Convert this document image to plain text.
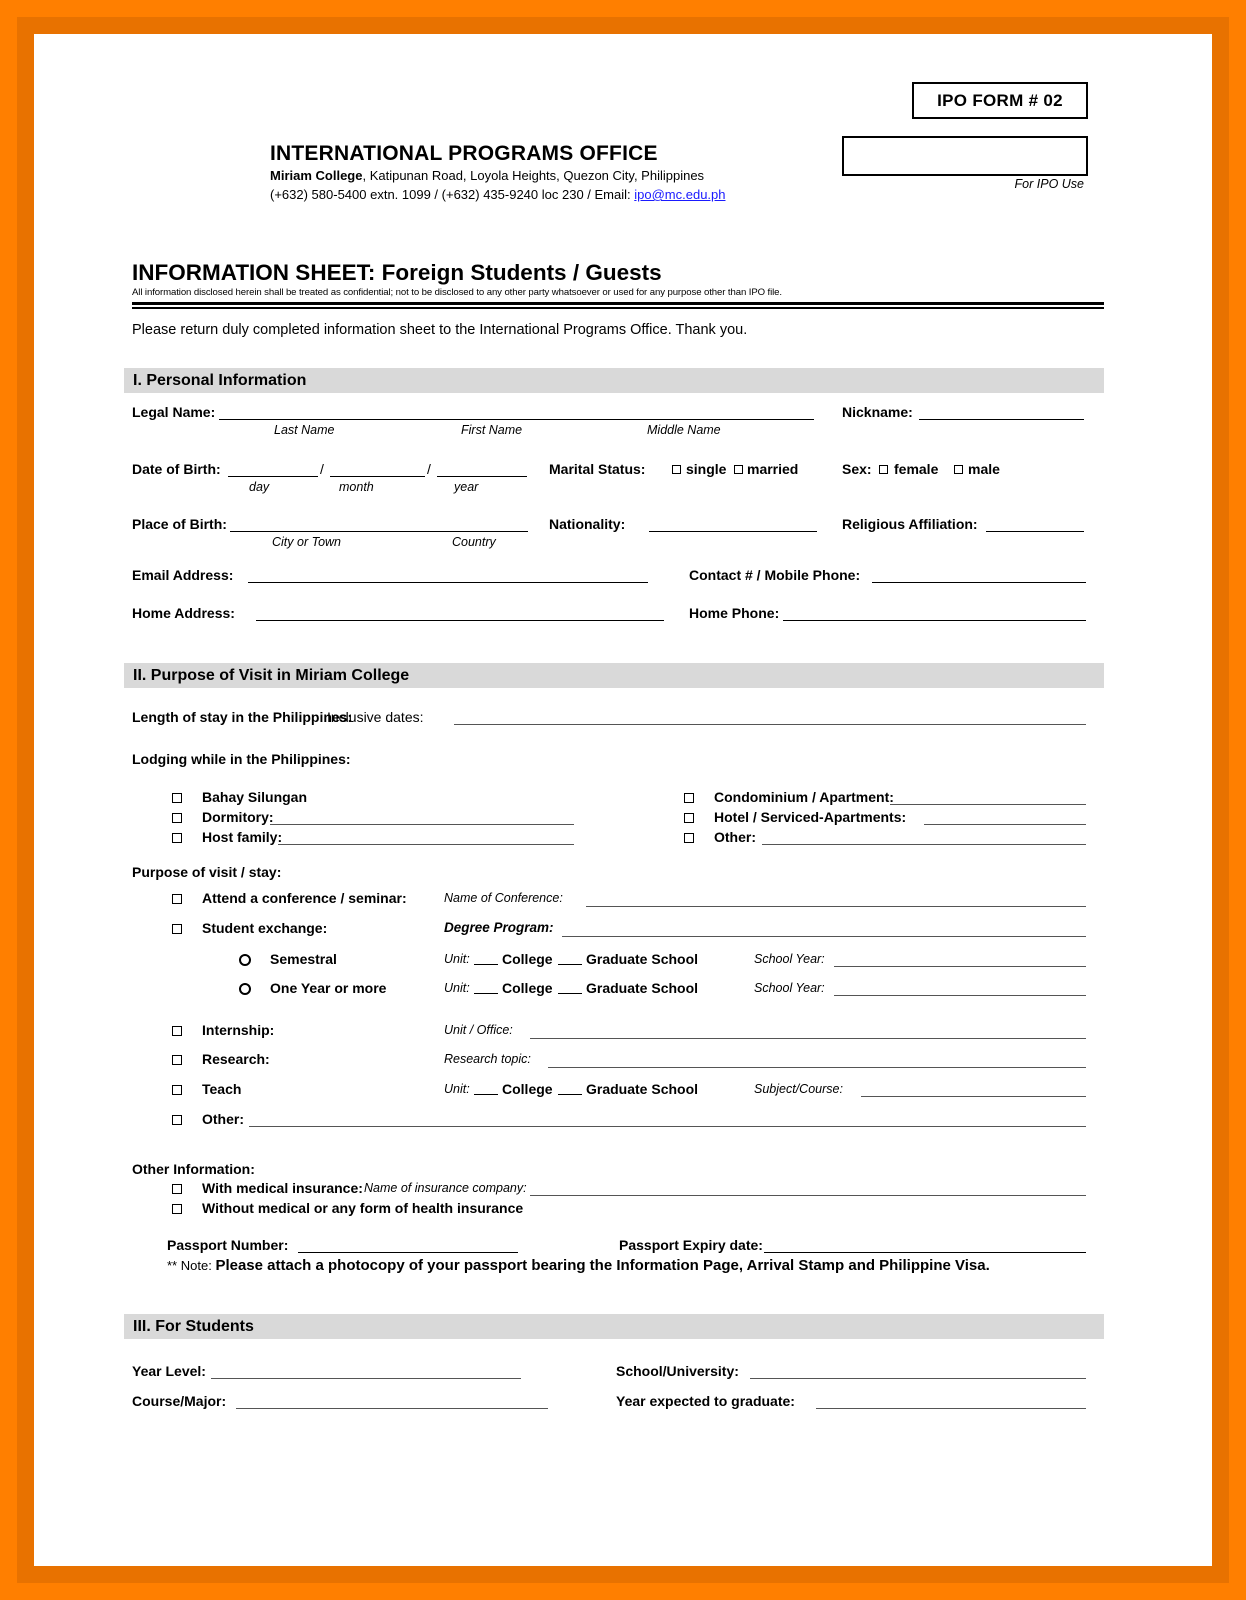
IPO FORM # 02
For IPO Use
INTERNATIONAL PROGRAMS OFFICE
Miriam College, Katipunan Road, Loyola Heights, Quezon City, Philippines
(+632) 580-5400 extn. 1099 / (+632) 435-9240 loc 230 / Email: ipo@mc.edu.ph
INFORMATION SHEET: Foreign Students / Guests
All information disclosed herein shall be treated as confidential; not to be disclosed to any other party whatsoever or used for any purpose other than IPO file.
Please return duly completed information sheet to the International Programs Office. Thank you.
I. Personal Information
Legal Name:
Last Name	First Name	Middle Name
Nickname:
Date of Birth:	/	/
day	month	year
Marital Status:	single married	Sex: female male
Place of Birth:
City or Town	Country
Nationality:	Religious Affiliation:
Email Address:	Contact # / Mobile Phone:
Home Address:	Home Phone:
II. Purpose of Visit in Miriam College
Length of stay in the Philippines:
Inclusive dates:
Lodging while in the Philippines:
Bahay Silungan
Dormitory:
Host family:
Condominium / Apartment:
Hotel / Serviced-Apartments:
Other:
Purpose of visit / stay:
Attend a conference / seminar:	Name of Conference:
Student exchange:	Degree Program:
Semestral	Unit: College Graduate School	School Year:
One Year or more	Unit: College Graduate School	School Year:
Internship:	Unit / Office:
Research:	Research topic:
Teach	Unit: College Graduate School	Subject/Course:
Other:
Other Information:
With medical insurance: Name of insurance company:
Without medical or any form of health insurance
Passport Number:	Passport Expiry date:
** Note: Please attach a photocopy of your passport bearing the Information Page, Arrival Stamp and Philippine Visa.
III. For Students
Year Level:	School/University:
Course/Major:	Year expected to graduate:
